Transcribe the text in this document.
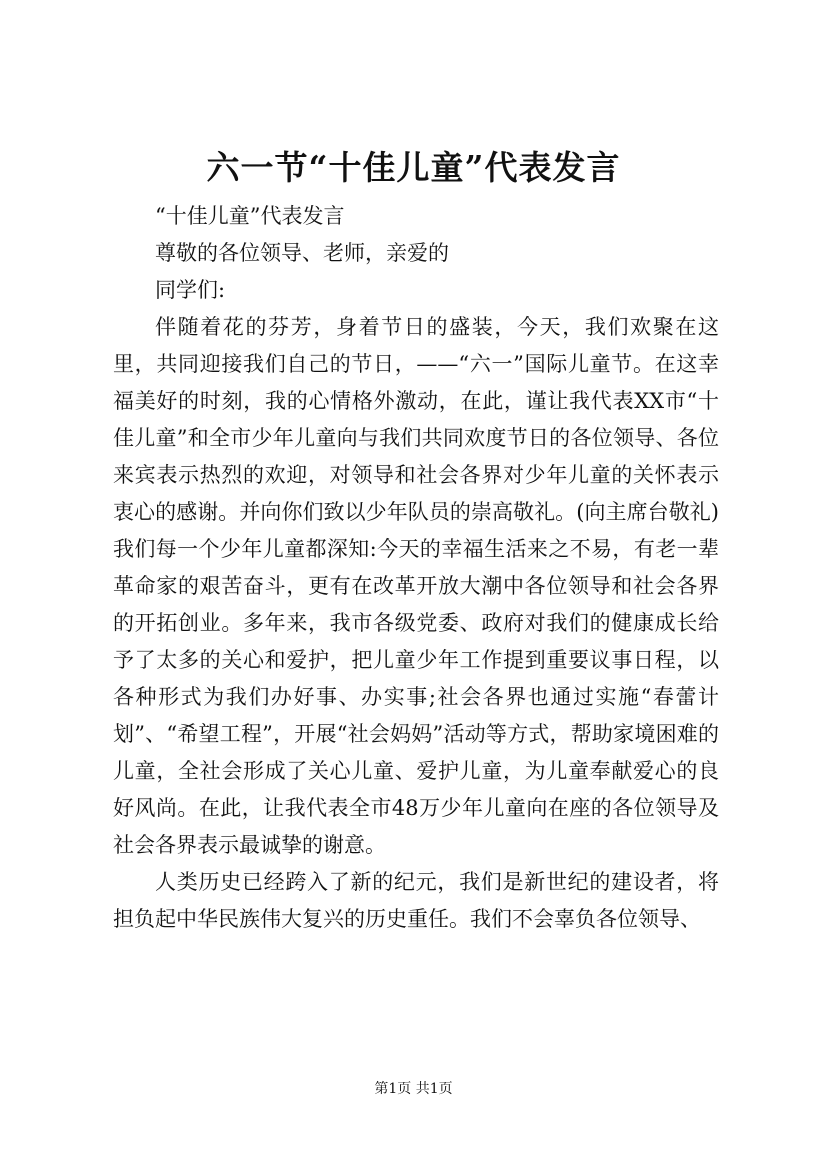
六一节“十佳儿童”代表发言

“十佳儿童”代表发言

尊敬的各位领导、老师，亲爱的

同学们:

伴随着花的芬芳，身着节日的盛装，今天，我们欢聚在这里，共同迎接我们自己的节日，——“六一”国际儿童节。在这幸福美好的时刻，我的心情格外激动，在此，谨让我代表XX市“十佳儿童”和全市少年儿童向与我们共同欢度节日的各位领导、各位来宾表示热烈的欢迎，对领导和社会各界对少年儿童的关怀表示衷心的感谢。并向你们致以少年队员的崇高敬礼。(向主席台敬礼)我们每一个少年儿童都深知:今天的幸福生活来之不易，有老一辈革命家的艰苦奋斗，更有在改革开放大潮中各位领导和社会各界的开拓创业。多年来，我市各级党委、政府对我们的健康成长给予了太多的关心和爱护，把儿童少年工作提到重要议事日程，以各种形式为我们办好事、办实事;社会各界也通过实施“春蕾计划”、“希望工程”，开展“社会妈妈”活动等方式，帮助家境困难的儿童，全社会形成了关心儿童、爱护儿童，为儿童奉献爱心的良好风尚。在此，让我代表全市48万少年儿童向在座的各位领导及社会各界表示最诚挚的谢意。

人类历史已经跨入了新的纪元，我们是新世纪的建设者，将担负起中华民族伟大复兴的历史重任。我们不会辜负各位领导、

第1页 共1页
